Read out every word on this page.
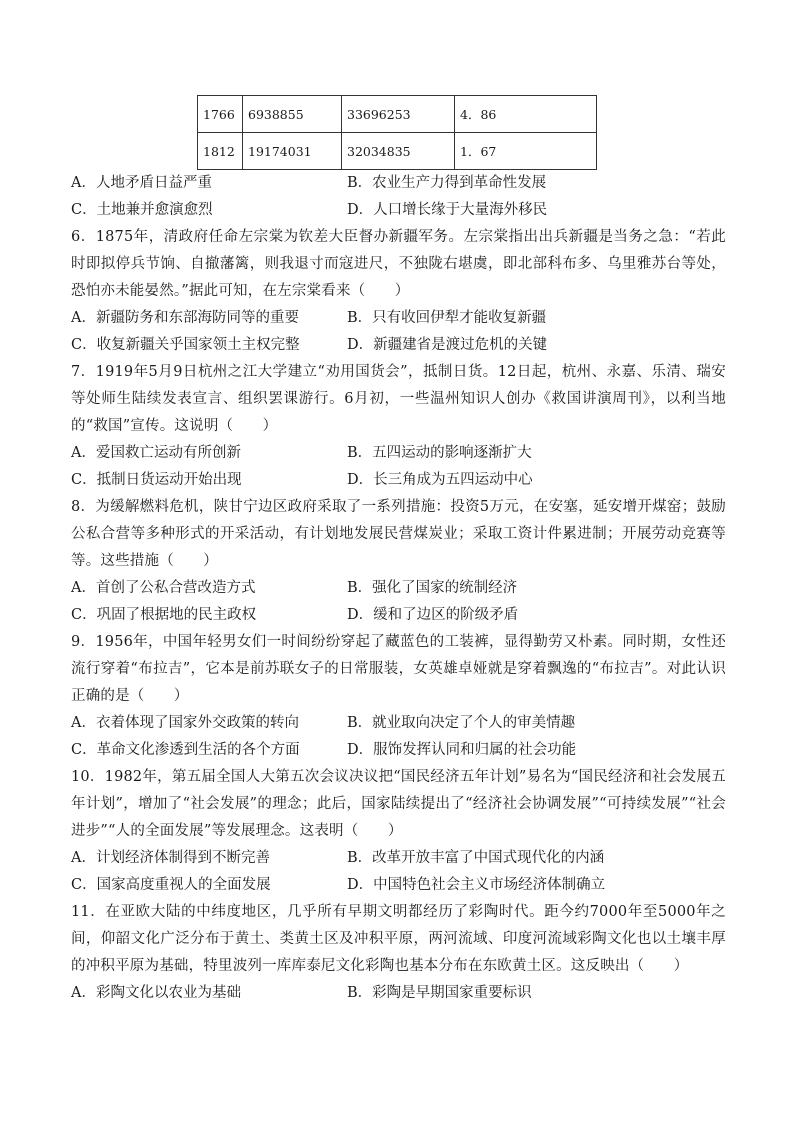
1766	6938855	33696253	4．86
1812	19174031	32034835	1．67
A．人地矛盾日益严重	B．农业生产力得到革命性发展
C．土地兼并愈演愈烈	D．人口增长缘于大量海外移民

6．1875年，清政府任命左宗棠为钦差大臣督办新疆军务。左宗棠指出出兵新疆是当务之急：“若此时即拟停兵节饷、自撤藩篱，则我退寸而寇进尺，不独陇右堪虞，即北部科布多、乌里雅苏台等处，恐怕亦未能晏然。”据此可知，在左宗棠看来（　　）

A．新疆防务和东部海防同等的重要	B．只有收回伊犁才能收复新疆
C．收复新疆关乎国家领土主权完整	D．新疆建省是渡过危机的关键

7．1919年5月9日杭州之江大学建立“劝用国货会”，抵制日货。12日起，杭州、永嘉、乐清、瑞安等处师生陆续发表宣言、组织罢课游行。6月初，一些温州知识人创办《救国讲演周刊》，以利当地的“救国”宣传。这说明（　　）

A．爱国救亡运动有所创新	B．五四运动的影响逐渐扩大
C．抵制日货运动开始出现	D．长三角成为五四运动中心

8．为缓解燃料危机，陕甘宁边区政府采取了一系列措施：投资5万元，在安塞，延安增开煤窑；鼓励公私合营等多种形式的开采活动，有计划地发展民营煤炭业；采取工资计件累进制；开展劳动竞赛等等。这些措施（　　）

A．首创了公私合营改造方式	B．强化了国家的统制经济
C．巩固了根据地的民主政权	D．缓和了边区的阶级矛盾

9．1956年，中国年轻男女们一时间纷纷穿起了藏蓝色的工装裤，显得勤劳又朴素。同时期，女性还流行穿着“布拉吉”，它本是前苏联女子的日常服装，女英雄卓娅就是穿着飘逸的“布拉吉”。对此认识正确的是（　　）

A．衣着体现了国家外交政策的转向	B．就业取向决定了个人的审美情趣
C．革命文化渗透到生活的各个方面	D．服饰发挥认同和归属的社会功能

10．1982年，第五届全国人大第五次会议决议把“国民经济五年计划”易名为“国民经济和社会发展五年计划”，增加了“社会发展”的理念；此后，国家陆续提出了“经济社会协调发展”“可持续发展”“社会进步”“人的全面发展”等发展理念。这表明（　　）

A．计划经济体制得到不断完善	B．改革开放丰富了中国式现代化的内涵
C．国家高度重视人的全面发展	D．中国特色社会主义市场经济体制确立

11．在亚欧大陆的中纬度地区，几乎所有早期文明都经历了彩陶时代。距今约7000年至5000年之间，仰韶文化广泛分布于黄土、类黄土区及冲积平原，两河流域、印度河流域彩陶文化也以土壤丰厚的冲积平原为基础，特里波列一库库泰尼文化彩陶也基本分布在东欧黄土区。这反映出（　　）

A．彩陶文化以农业为基础	B．彩陶是早期国家重要标识
